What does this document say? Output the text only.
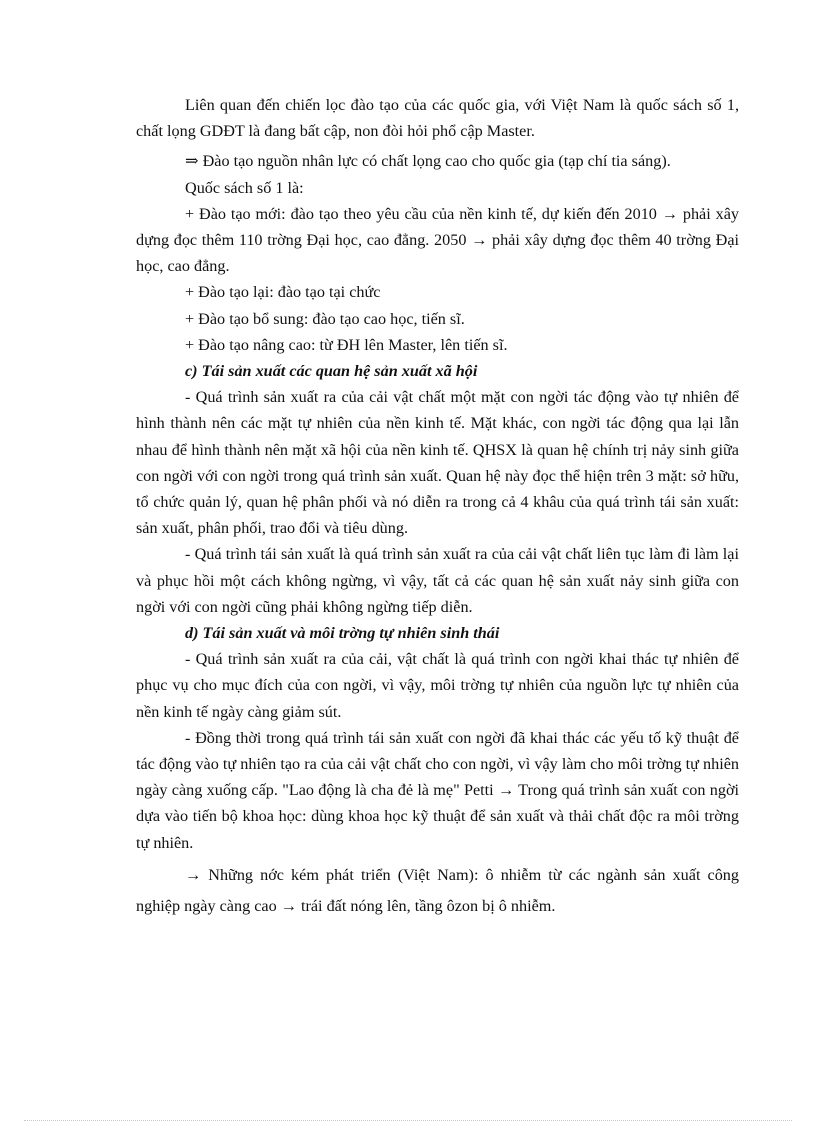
Liên quan đến chiến lọc đào tạo của các quốc gia, với Việt Nam là quốc sách số 1, chất lọng GDĐT là đang bất cập, non đòi hỏi phổ cập Master.

⇒ Đào tạo nguồn nhân lực có chất lọng cao cho quốc gia (tạp chí tia sáng).

Quốc sách số 1 là:

+ Đào tạo mới: đào tạo theo yêu cầu của nền kinh tế, dự kiến đến 2010 → phải xây dựng đọc thêm 110 trờng Đại học, cao đẳng. 2050 → phải xây dựng đọc thêm 40 trờng Đại học, cao đẳng.

+ Đào tạo lại: đào tạo tại chức

+ Đào tạo bổ sung: đào tạo cao học, tiến sĩ.

+ Đào tạo nâng cao: từ ĐH lên Master, lên tiến sĩ.

c) Tái sản xuất các quan hệ sản xuất xã hội

- Quá trình sản xuất ra của cải vật chất một mặt con ngời tác động vào tự nhiên để hình thành nên các mặt tự nhiên của nền kinh tế. Mặt khác, con ngời tác động qua lại lẫn nhau để hình thành nên mặt xã hội của nền kinh tế. QHSX là quan hệ chính trị nảy sinh giữa con ngời với con ngời trong quá trình sản xuất. Quan hệ này đọc thể hiện trên 3 mặt: sở hữu, tổ chức quản lý, quan hệ phân phối và nó diễn ra trong cả 4 khâu của quá trình tái sản xuất: sản xuất, phân phối, trao đổi và tiêu dùng.

- Quá trình tái sản xuất là quá trình sản xuất ra của cải vật chất liên tục làm đi làm lại và phục hồi một cách không ngừng, vì vậy, tất cả các quan hệ sản xuất nảy sinh giữa con ngời với con ngời cũng phải không ngừng tiếp diễn.

d) Tái sản xuất và môi trờng tự nhiên sinh thái

- Quá trình sản xuất ra của cải, vật chất là quá trình con ngời khai thác tự nhiên để phục vụ cho mục đích của con ngời, vì vậy, môi trờng tự nhiên của nguồn lực tự nhiên của nền kinh tế ngày càng giảm sút.

- Đồng thời trong quá trình tái sản xuất con ngời đã khai thác các yếu tố kỹ thuật để tác động vào tự nhiên tạo ra của cải vật chất cho con ngời, vì vậy làm cho môi trờng tự nhiên ngày càng xuống cấp. "Lao động là cha đẻ là mẹ" Petti → Trong quá trình sản xuất con ngời dựa vào tiến bộ khoa học: dùng khoa học kỹ thuật để sản xuất và thải chất độc ra môi trờng tự nhiên.

→ Những nớc kém phát triển (Việt Nam): ô nhiễm từ các ngành sản xuất công nghiệp ngày càng cao → trái đất nóng lên, tầng ôzon bị ô nhiễm.
